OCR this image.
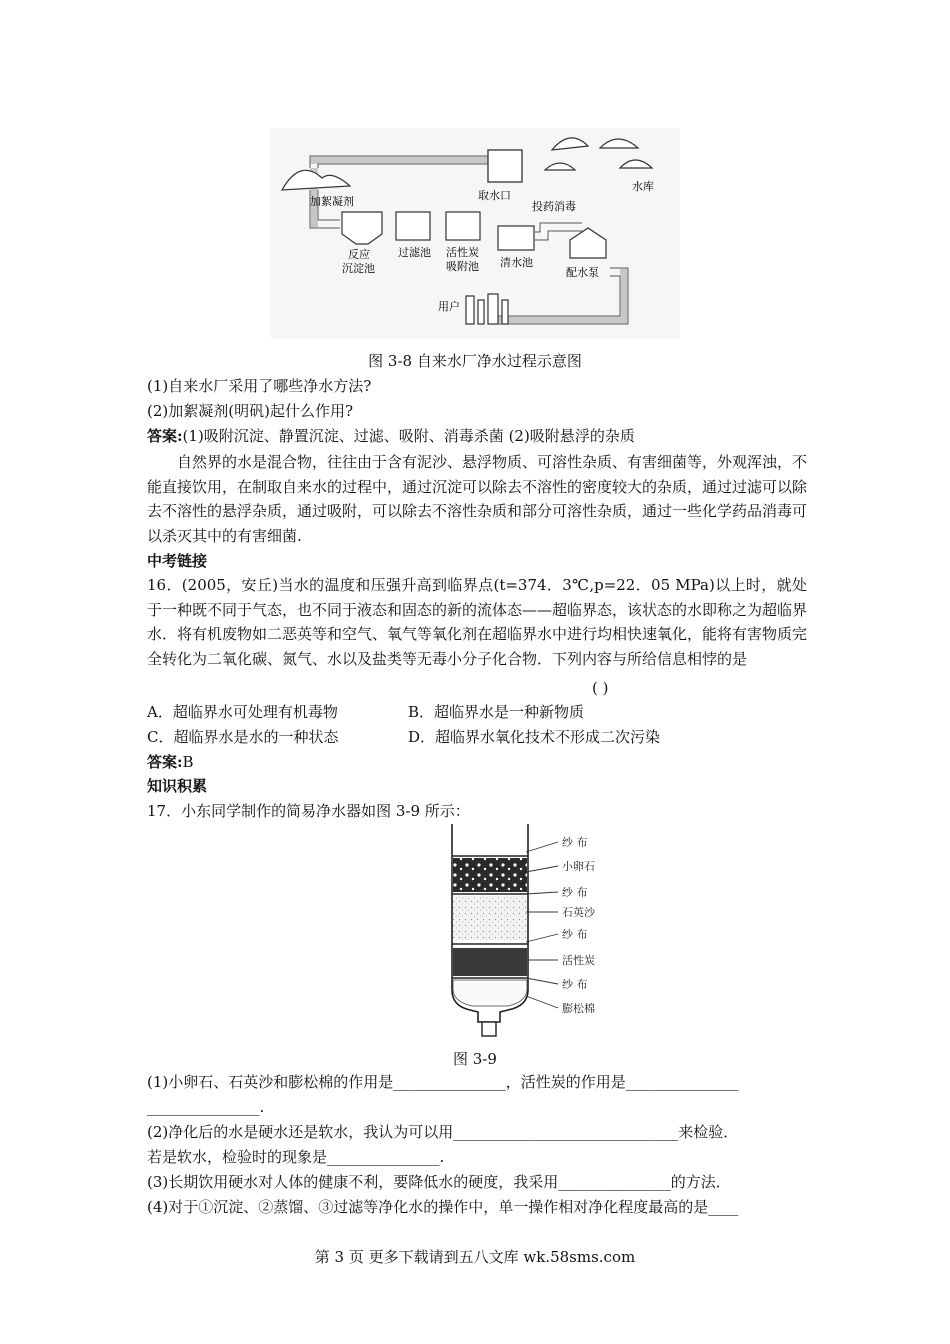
取水口
水库
加絮凝剂	投药消毒
反应
沉淀池
过滤池 活性炭
吸附池 清水池
配水泵
用户
图 3-8 自来水厂净水过程示意图
(1)自来水厂采用了哪些净水方法?
(2)加絮凝剂(明矾)起什么作用?
答案:(1)吸附沉淀、静置沉淀、过滤、吸附、消毒杀菌 (2)吸附悬浮的杂质
自然界的水是混合物，往往由于含有泥沙、悬浮物质、可溶性杂质、有害细菌等，外观浑浊，不能直接饮用，在制取自来水的过程中，通过沉淀可以除去不溶性的密度较大的杂质，通过过滤可以除去不溶性的悬浮杂质，通过吸附，可以除去不溶性杂质和部分可溶性杂质，通过一些化学药品消毒可以杀灭其中的有害细菌.
中考链接
16．(2005，安丘)当水的温度和压强升高到临界点(t=374．3℃,p=22．05 MPa)以上时，就处于一种既不同于气态，也不同于液态和固态的新的流体态——超临界态，该状态的水即称之为超临界水．将有机废物如二恶英等和空气、氧气等氧化剂在超临界水中进行均相快速氧化，能将有害物质完全转化为二氧化碳、氮气、水以及盐类等无毒小分子化合物．下列内容与所给信息相悖的是
( )
A．超临界水可处理有机毒物	B．超临界水是一种新物质
C．超临界水是水的一种状态	D．超临界水氧化技术不形成二次污染
答案:B
知识积累
17．小东同学制作的简易净水器如图 3-9 所示：
纱 布
小卵石
纱 布
石英沙
纱 布
活性炭
纱 布
膨松棉
图 3-9
(1)小卵石、石英沙和膨松棉的作用是_______________，活性炭的作用是_______________
_______________.
(2)净化后的水是硬水还是软水，我认为可以用______________________________来检验．
若是软水，检验时的现象是_______________.
(3)长期饮用硬水对人体的健康不利，要降低水的硬度，我采用_______________的方法．
(4)对于①沉淀、②蒸馏、③过滤等净化水的操作中，单一操作相对净化程度最高的是____
第 3 页 更多下载请到五八文库 wk.58sms.com
